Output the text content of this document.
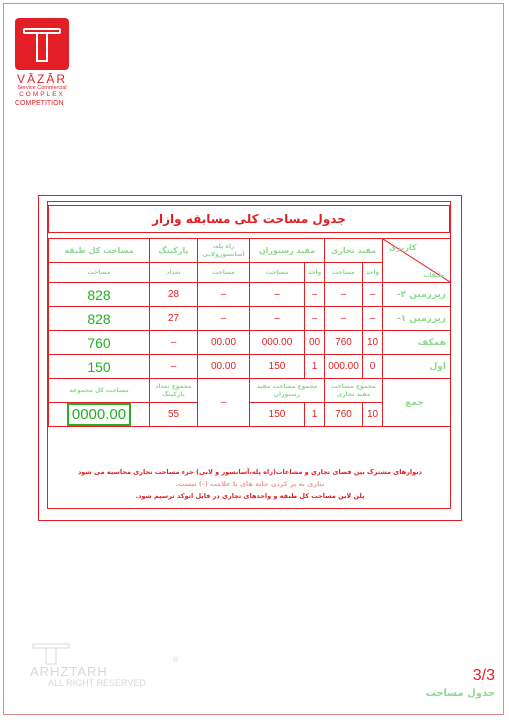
VĀZĀR
Service Commercial
COMPLEX
COMPETITION
جدول مساحت کلی مسابقه وازار
کاربری
طبقات	مفید تجاری		مفید رستوران		راه پله، آسانسورولابی	پارکینگ	مساحت کل طبقه
	واحد	مساحت	واحد	مساحت	مساحت	تعداد	مساحت
زیرزمین ۲-	–	–	–	–	–	28	828
زیرزمین ۱-	–	–	–	–	–	27	828
همکف	10	760	00	000.00	00.00	–	760
اول	0	000.00	1	150	00.00	–	150
جمع	مجموع مساحت مفید تجاری		مجموع مساحت مفید رستوران		–	مجموع تعداد پارکینگ	مساحت کل مجموعه
	10	760	1	150		55	0000.00
دیوارهای مشترک بین فضای تجاری و مشاعات(راه پله،آسانسور و لابی) جزء مساحت تجاری محاسبه می شود
نیازی به پر کردن خانه های با علامت (–) نیست.
پلن لاین مساحت کل طبقه و واحدهای تجاری در فایل اتوکد ترسیم شود.
®
ARHZTARH
ALL RIGHT RESERVED	3/3
جدول مساحت
